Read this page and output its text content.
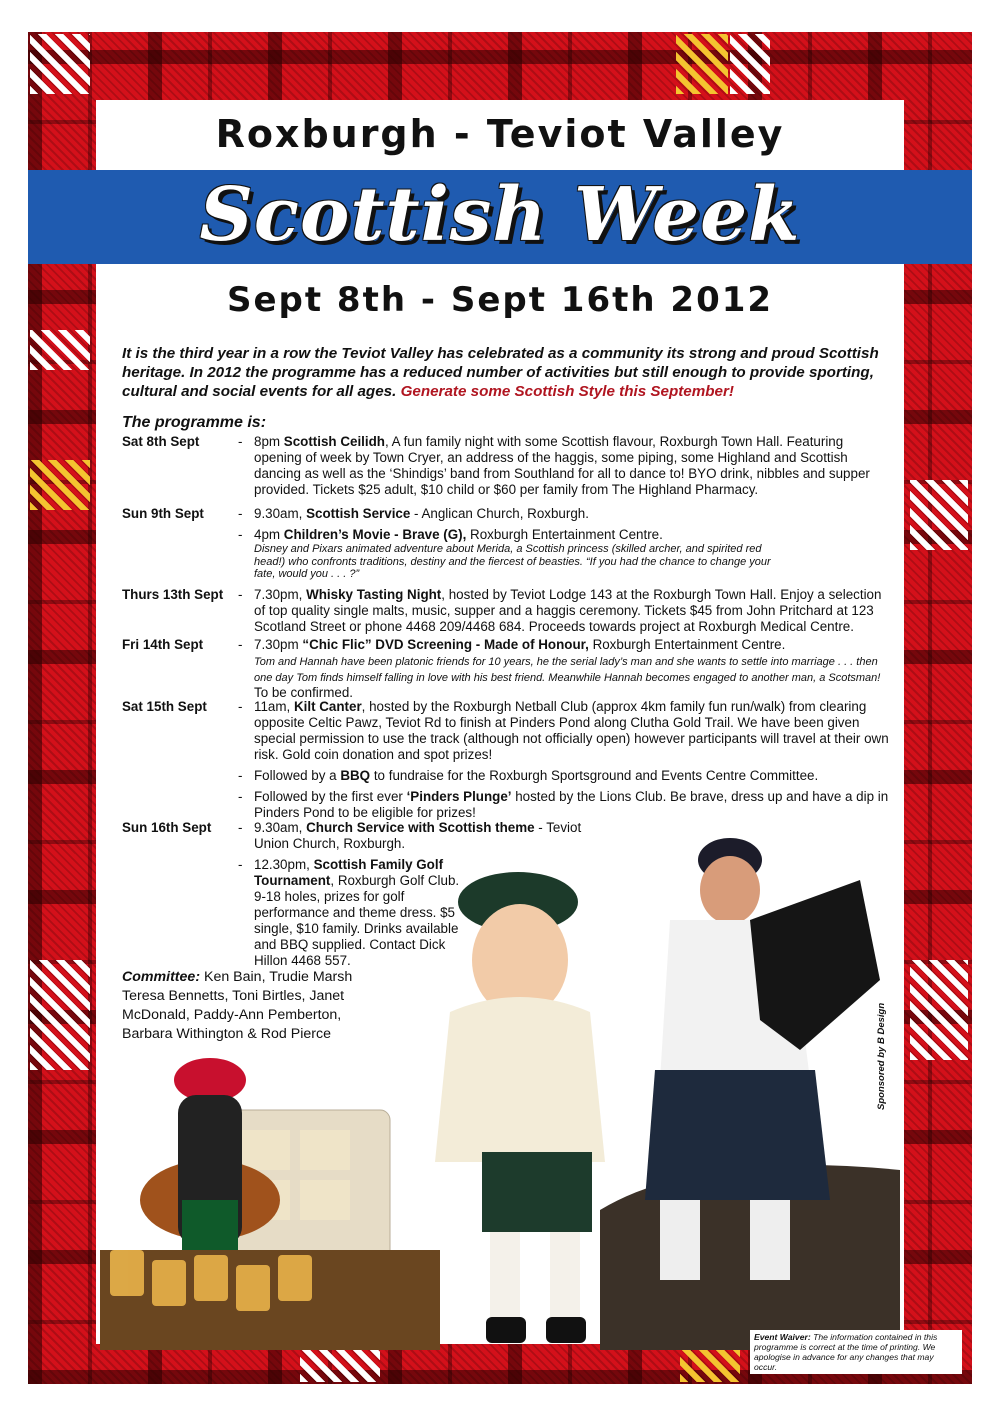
Roxburgh - Teviot Valley
Scottish Week
Sept 8th - Sept 16th 2012
It is the third year in a row the Teviot Valley has celebrated as a community its strong and proud Scottish heritage. In 2012 the programme has a reduced number of activities but still enough to provide sporting, cultural and social events for all ages. Generate some Scottish Style this September!
The programme is:
Sat 8th Sept	- 8pm Scottish Ceilidh, A fun family night with some Scottish flavour, Roxburgh Town Hall. Featuring opening of week by Town Cryer, an address of the haggis, some piping, some Highland and Scottish dancing as well as the ‘Shindigs’ band from Southland for all to dance to! BYO drink, nibbles and supper provided. Tickets $25 adult, $10 child or $60 per family from The Highland Pharmacy.
Sun 9th Sept	- 9.30am, Scottish Service - Anglican Church, Roxburgh.
- 4pm Children’s Movie - Brave (G), Roxburgh Entertainment Centre.
Disney and Pixars animated adventure about Merida, a Scottish princess (skilled archer, and spirited red head!) who confronts traditions, destiny and the fiercest of beasties. “If you had the chance to change your fate, would you . . . ?”
Thurs 13th Sept	- 7.30pm, Whisky Tasting Night, hosted by Teviot Lodge 143 at the Roxburgh Town Hall. Enjoy a selection of top quality single malts, music, supper and a haggis ceremony. Tickets $45 from John Pritchard at 123 Scotland Street or phone 4468 209/4468 684. Proceeds towards project at Roxburgh Medical Centre.
Fri 14th Sept	- 7.30pm “Chic Flic” DVD Screening - Made of Honour, Roxburgh Entertainment Centre.
Tom and Hannah have been platonic friends for 10 years, he the serial lady’s man and she wants to settle into marriage . . . then one day Tom finds himself falling in love with his best friend. Meanwhile Hannah becomes engaged to another man, a Scotsman! To be confirmed.
Sat 15th Sept	- 11am, Kilt Canter, hosted by the Roxburgh Netball Club (approx 4km family fun run/walk) from clearing opposite Celtic Pawz, Teviot Rd to finish at Pinders Pond along Clutha Gold Trail. We have been given special permission to use the track (although not officially open) however participants will travel at their own risk. Gold coin donation and spot prizes!
- Followed by a BBQ to fundraise for the Roxburgh Sportsground and Events Centre Committee.
- Followed by the first ever ‘Pinders Plunge’ hosted by the Lions Club. Be brave, dress up and have a dip in Pinders Pond to be eligible for prizes!
Sun 16th Sept	- 9.30am, Church Service with Scottish theme - Teviot Union Church, Roxburgh.
- 12.30pm, Scottish Family Golf Tournament, Roxburgh Golf Club. 9-18 holes, prizes for golf performance and theme dress. $5 single, $10 family. Drinks available and BBQ supplied. Contact Dick Hillon 4468 557.
Committee: Ken Bain, Trudie Marsh Teresa Bennetts, Toni Birtles, Janet McDonald, Paddy-Ann Pemberton, Barbara Withington & Rod Pierce	Sponsored by B Design
Event Waiver: The information contained in this programme is correct at the time of printing. We apologise in advance for any changes that may occur.
